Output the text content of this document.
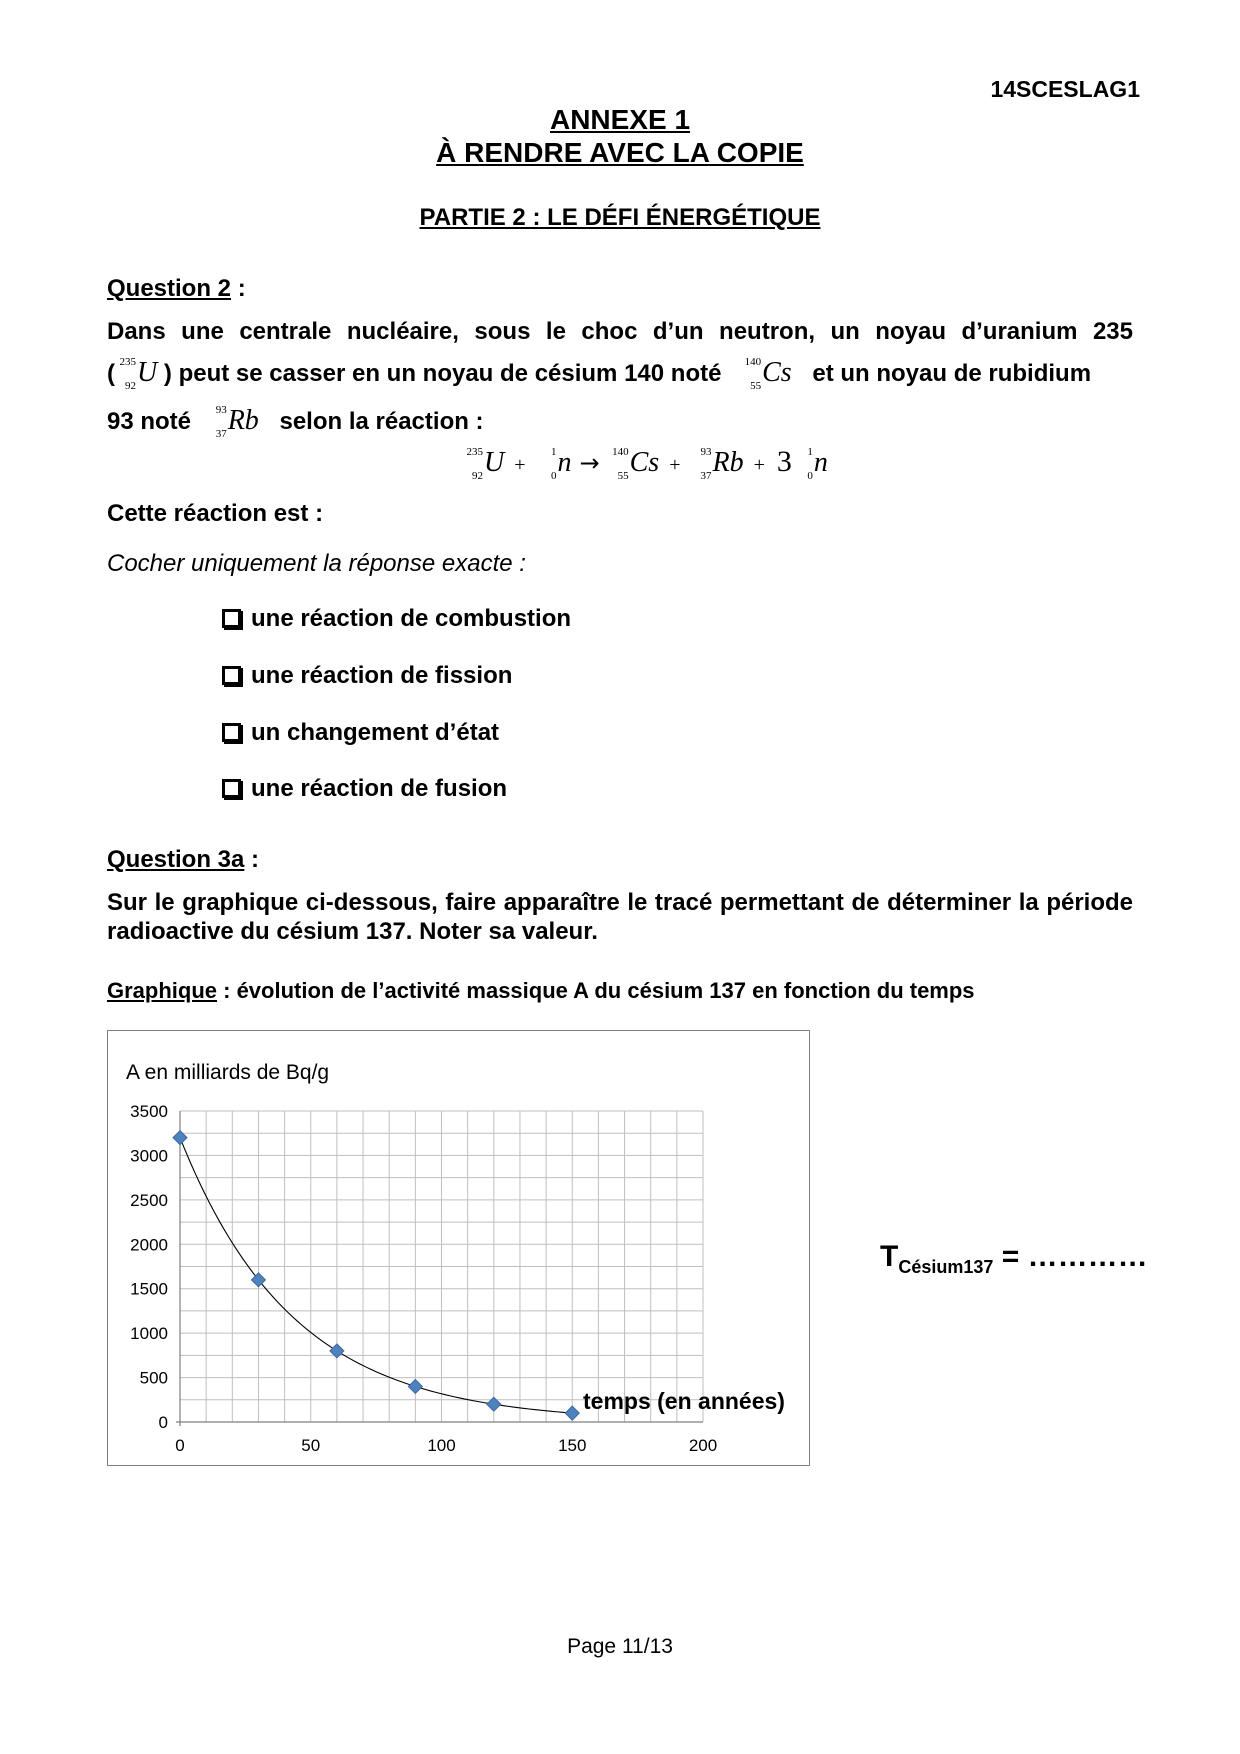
14SCESLAG1
ANNEXE 1
À RENDRE AVEC LA COPIE
PARTIE 2 : LE DÉFI ÉNERGÉTIQUE
Question 2 :
Dans une centrale nucléaire, sous le choc d’un neutron, un noyau d’uranium 235
( 235
92 U ) peut se casser en un noyau de césium 140 noté 140
55 Cs et un noyau de rubidium
93 noté 93
37 Rb selon la réaction :
235
92 U +
1
0 n → 140
55 Cs +
93
37 Rb + 3 1
0 n
Cette réaction est :
Cocher uniquement la réponse exacte :
une réaction de combustion
une réaction de fission
un changement d’état
une réaction de fusion
Question 3a :
Sur le graphique ci-dessous, faire apparaître le tracé permettant de déterminer la période radioactive du césium 137. Noter sa valeur.
Graphique : évolution de l’activité massique A du césium 137 en fonction du temps
0
500
1000
1500
2000
2500
3000
3500
0	50	100	150	200
A en milliards de Bq/g
temps (en années)
$T_{Césium137}$ = …………
Page 11/13
